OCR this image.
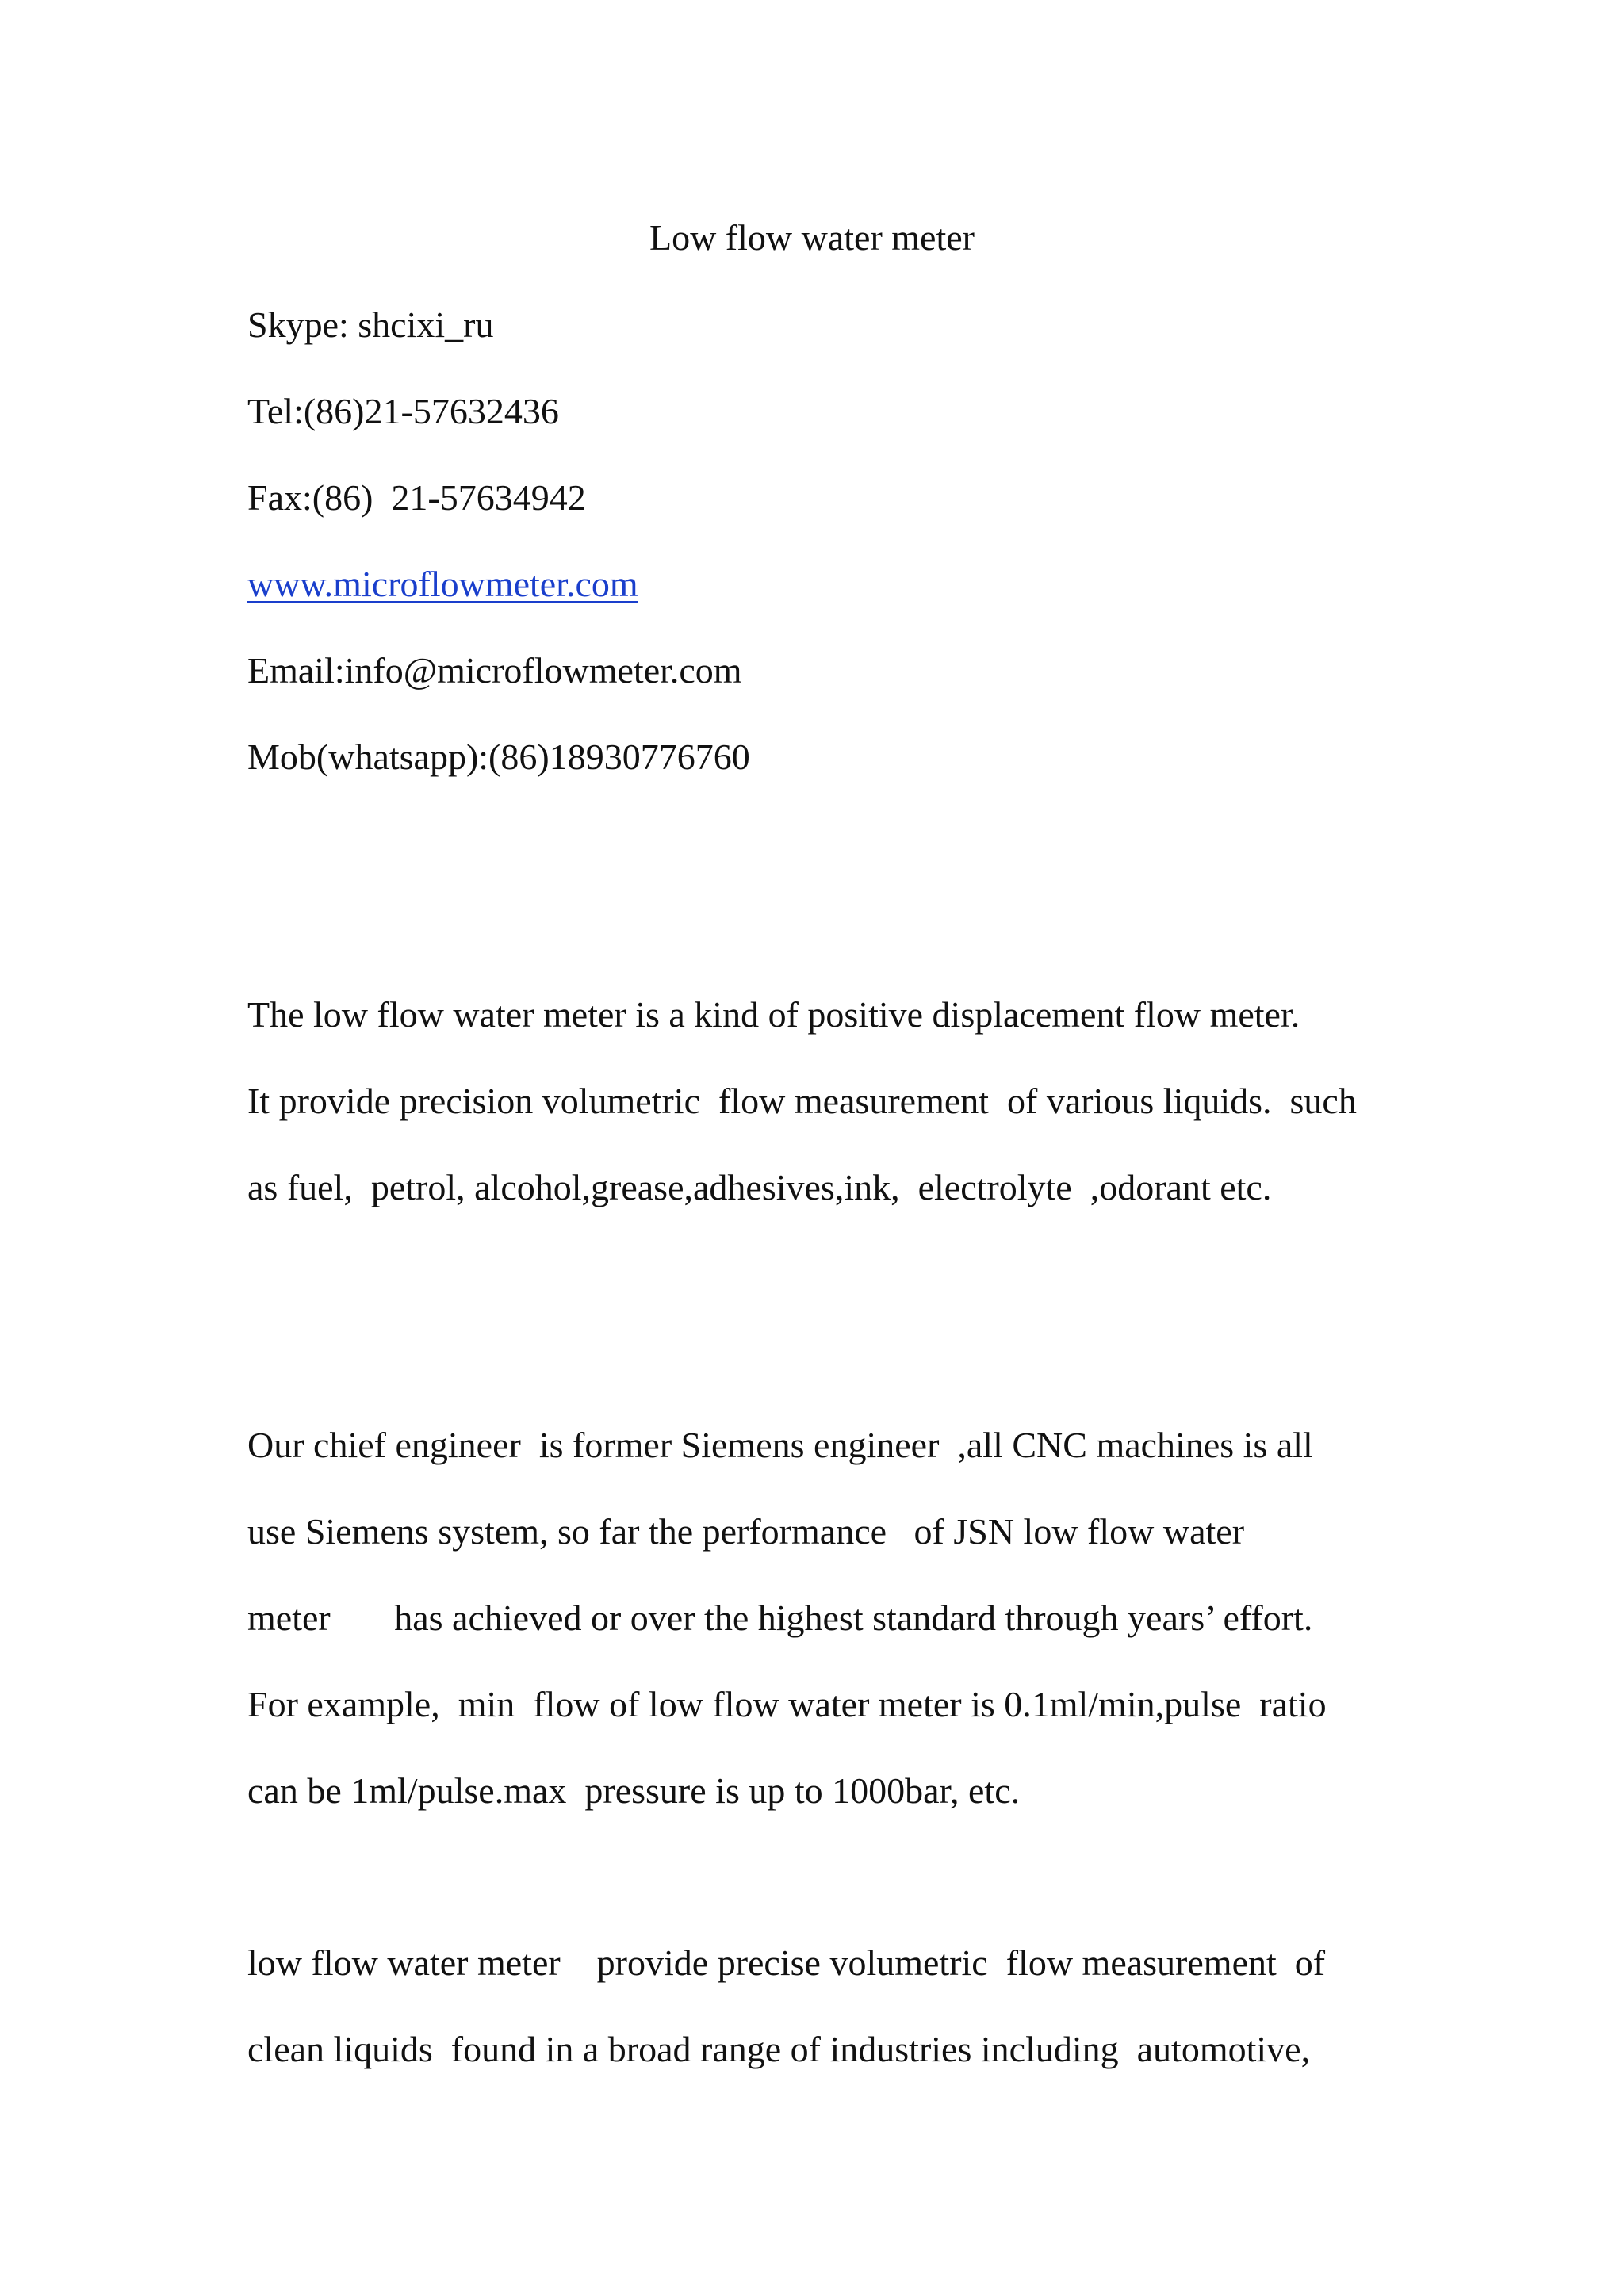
Low flow water meter
Skype: shcixi_ru
Tel:(86)21-57632436
Fax:(86)  21-57634942
www.microflowmeter.com
Email:info@microflowmeter.com
Mob(whatsapp):(86)18930776760
The low flow water meter is a kind of positive displacement flow meter.
It provide precision volumetric  flow measurement  of various liquids.  such
as fuel,  petrol, alcohol,grease,adhesives,ink,  electrolyte  ,odorant etc.
Our chief engineer  is former Siemens engineer  ,all CNC machines is all
use Siemens system, so far the performance   of JSN low flow water
meter       has achieved or over the highest standard through years’ effort.
For example,  min  flow of low flow water meter is 0.1ml/min,pulse  ratio
can be 1ml/pulse.max  pressure is up to 1000bar, etc.
low flow water meter    provide precise volumetric  flow measurement  of
clean liquids  found in a broad range of industries including  automotive,
